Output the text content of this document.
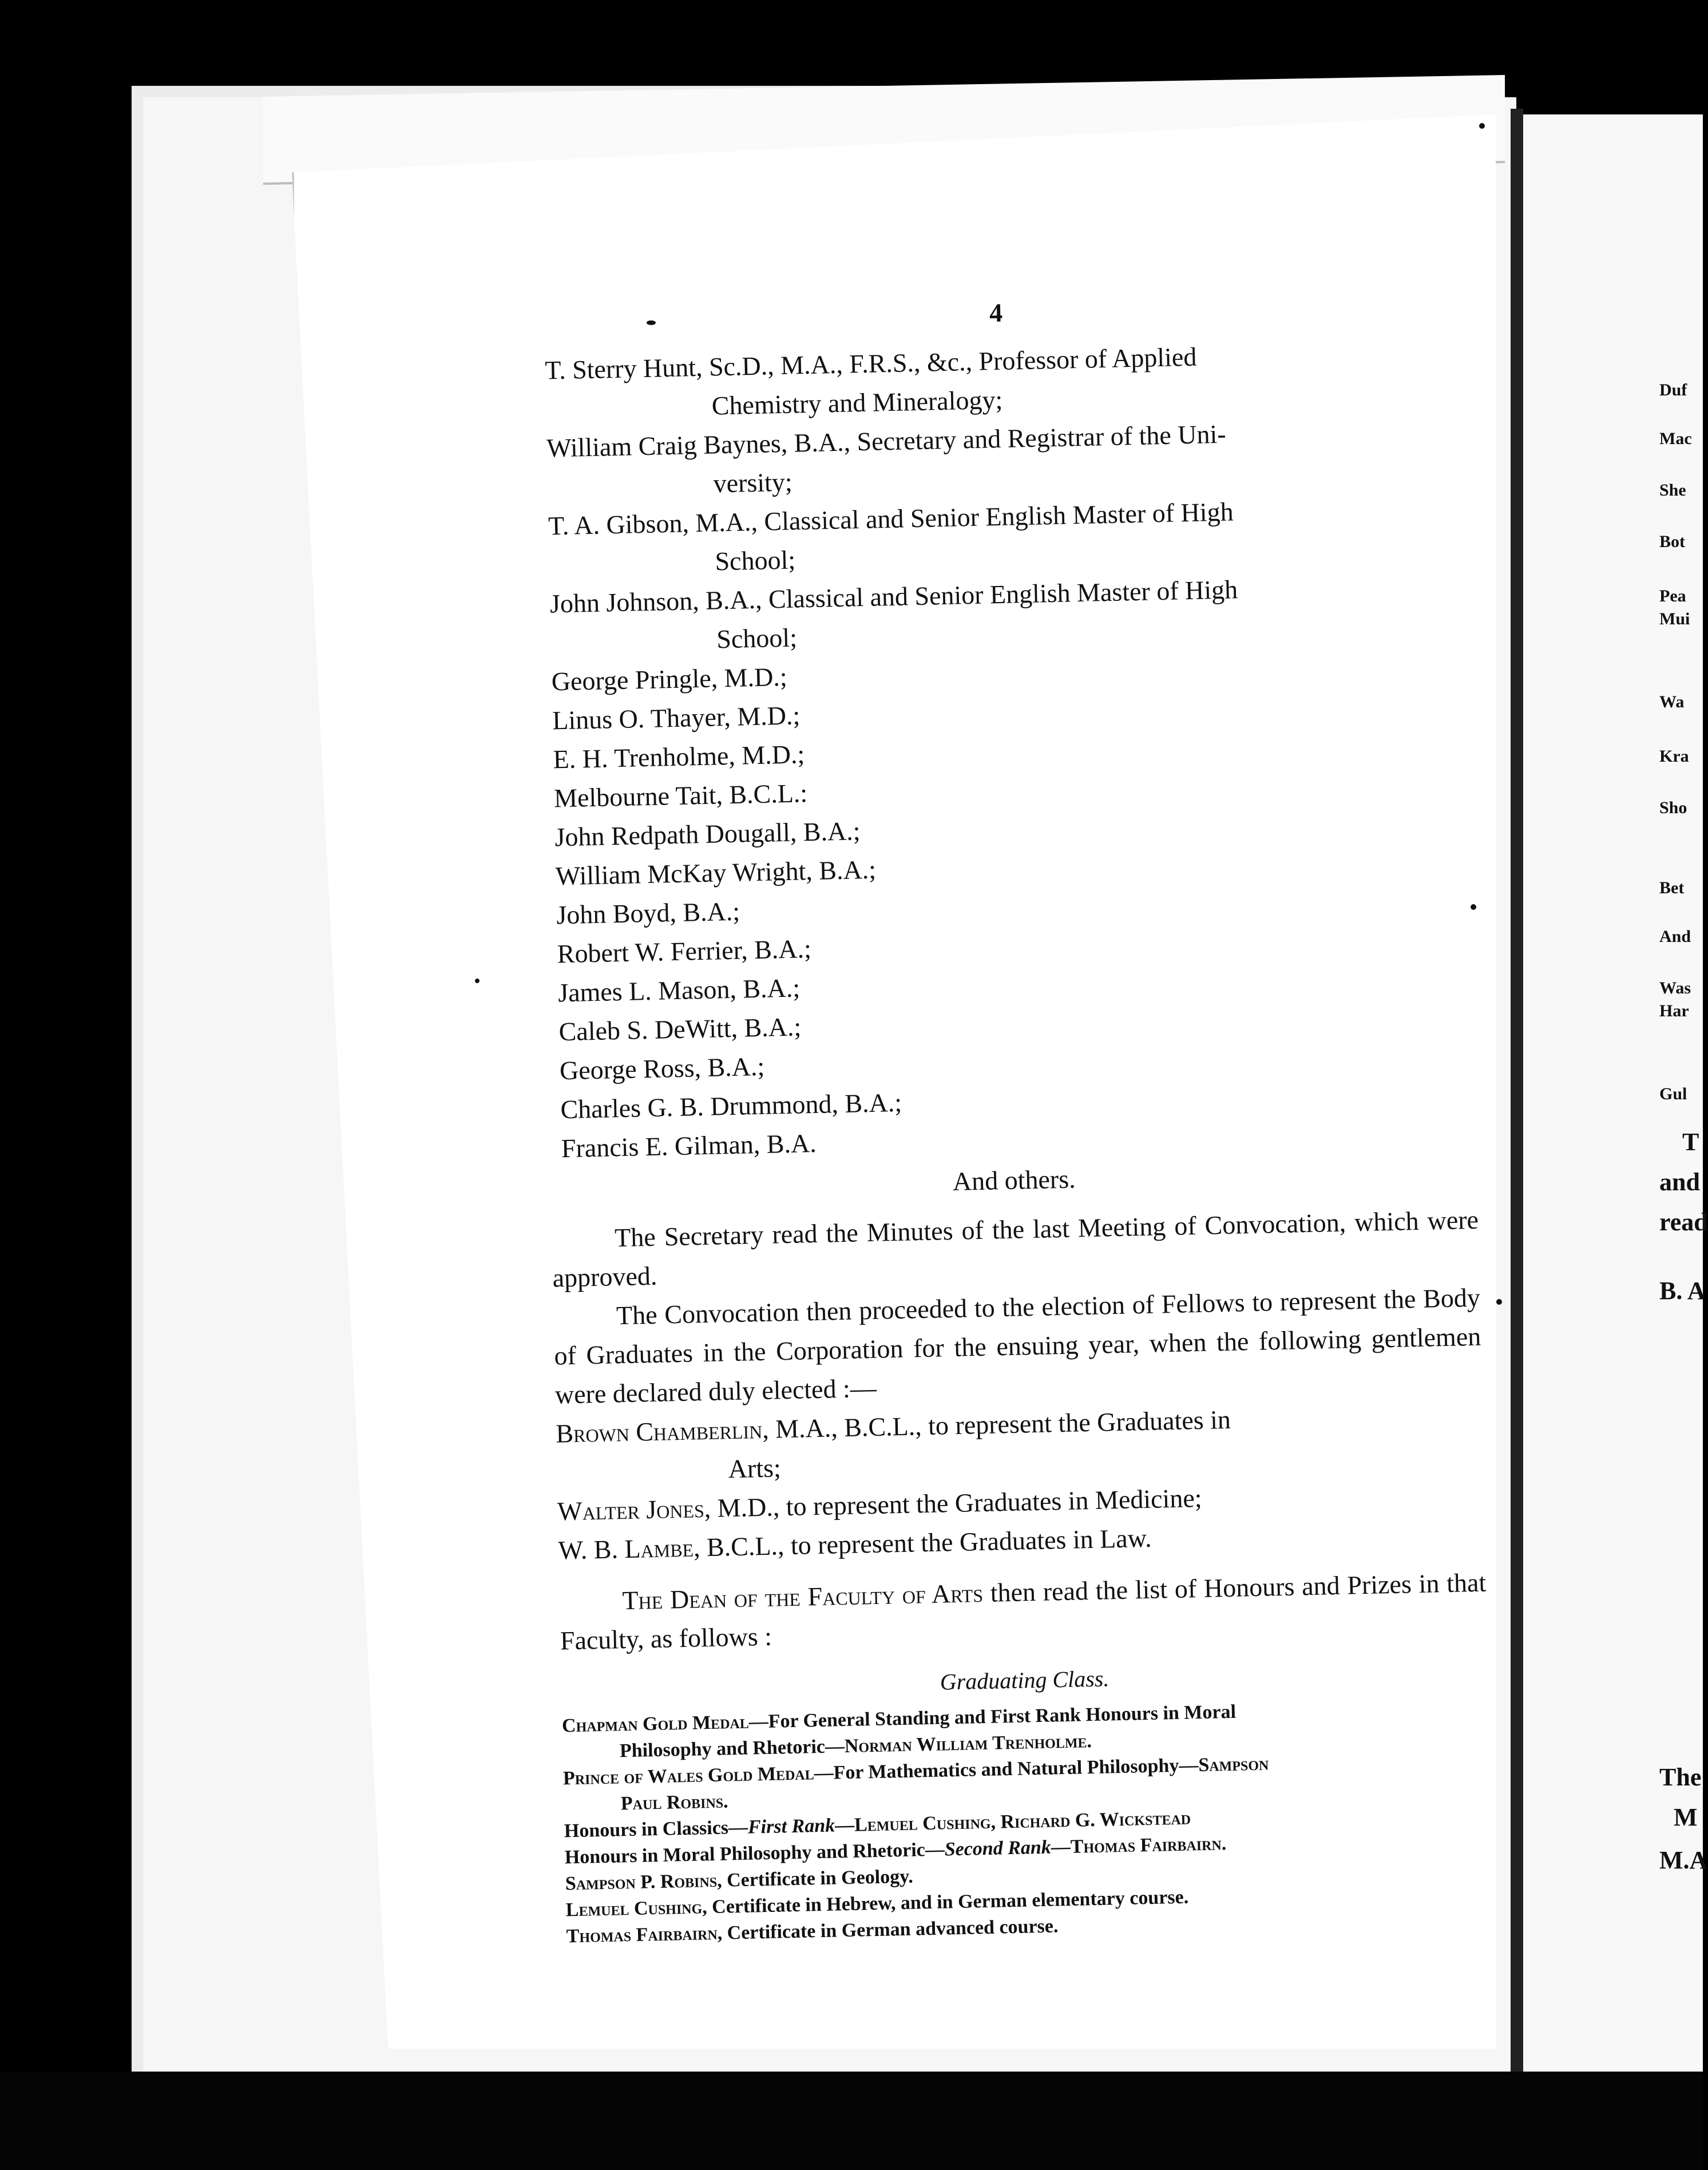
4
T. Sterry Hunt, Sc.D., M.A., F.R.S., &c., Professor of Applied
Chemistry and Mineralogy;
William Craig Baynes, B.A., Secretary and Registrar of the Uni-
versity;
T. A. Gibson, M.A., Classical and Senior English Master of High
School;
John Johnson, B.A., Classical and Senior English Master of High
School;
George Pringle, M.D.;
Linus O. Thayer, M.D.;
E. H. Trenholme, M.D.;
Melbourne Tait, B.C.L.:
John Redpath Dougall, B.A.;
William McKay Wright, B.A.;
John Boyd, B.A.;
Robert W. Ferrier, B.A.;
James L. Mason, B.A.;
Caleb S. DeWitt, B.A.;
George Ross, B.A.;
Charles G. B. Drummond, B.A.;
Francis E. Gilman, B.A.
And others.

The Secretary read the Minutes of the last Meeting of Convocation, which were approved.

The Convocation then proceeded to the election of Fellows to represent the Body of Graduates in the Corporation for the ensuing year, when the following gentlemen were declared duly elected :—

Brown Chamberlin, M.A., B.C.L., to represent the Graduates in
Arts;

Walter Jones, M.D., to represent the Graduates in Medicine;

W. B. Lambe, B.C.L., to represent the Graduates in Law.

The Dean of the Faculty of Arts then read the list of Honours and Prizes in that Faculty, as follows :

Graduating Class.
Chapman Gold Medal—For General Standing and First Rank Honours in Moral
Philosophy and Rhetoric—Norman William Trenholme.
Prince of Wales Gold Medal—For Mathematics and Natural Philosophy—Sampson
Paul Robins.
Honours in Classics—First Rank—Lemuel Cushing, Richard G. Wickstead
Honours in Moral Philosophy and Rhetoric—Second Rank—Thomas Fairbairn.
Sampson P. Robins, Certificate in Geology.
Lemuel Cushing, Certificate in Hebrew, and in German elementary course.
Thomas Fairbairn, Certificate in German advanced course.
Duf
Mac
She
Bot
Pea
Mui
Wa
Kra
Sho
Bet
And
Was
Har
Gul
T
and
read
B. A
The
M
M.A
